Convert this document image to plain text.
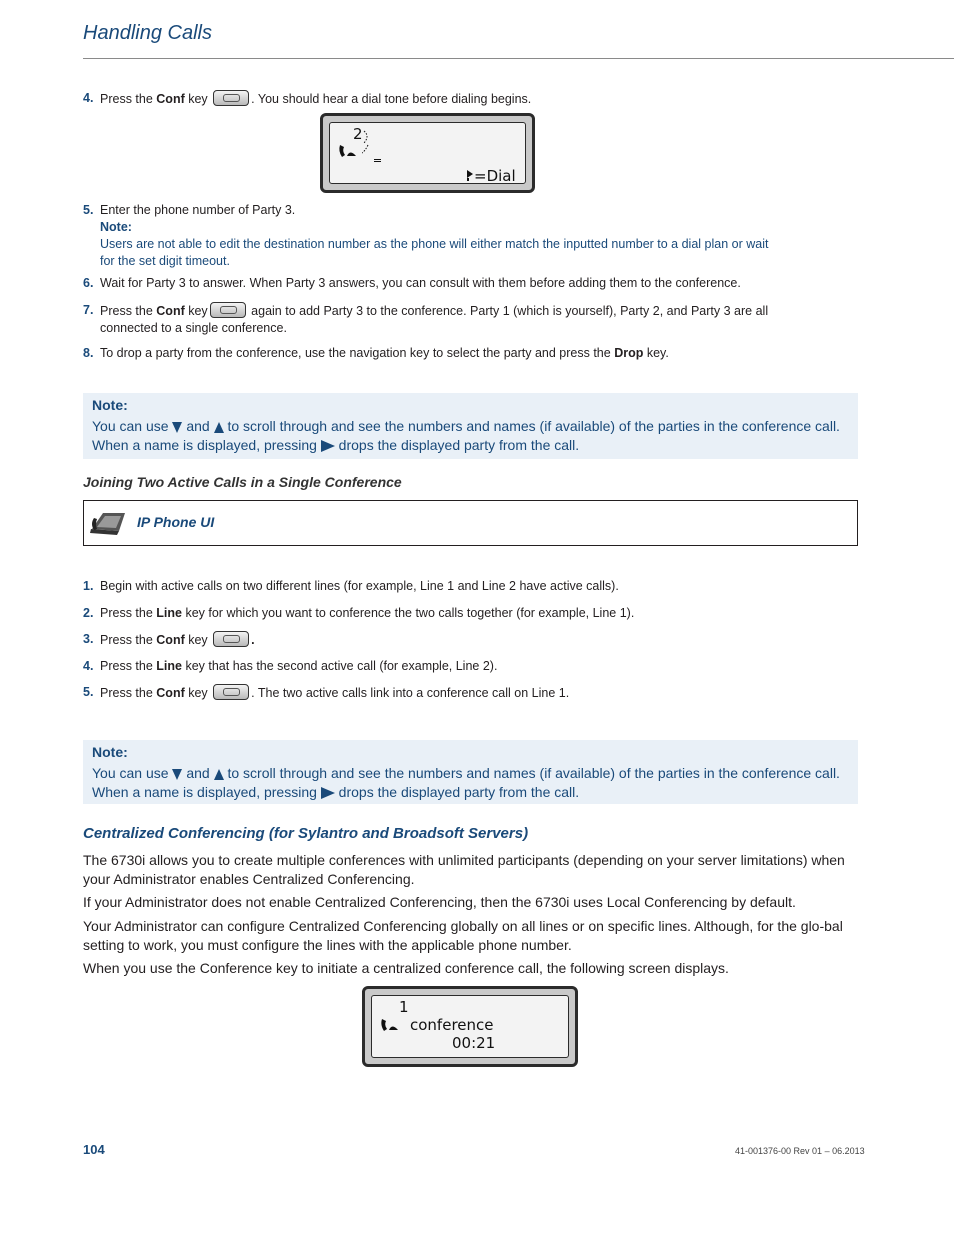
Handling Calls
4. Press the Conf key	. You should hear a dial tone before dialing begins.
2
=Dial
5. Enter the phone number of Party 3.
Note:
Users are not able to edit the destination number as the phone will either match the inputted number to a dial plan or wait for the set digit timeout.
6. Wait for Party 3 to answer. When Party 3 answers, you can consult with them before adding them to the conference.
7. Press the Conf key	again to add Party 3 to the conference. Party 1 (which is yourself), Party 2, and Party 3 are all connected to a single conference.
8. To drop a party from the conference, use the navigation key to select the party and press the Drop key.
Note:
You can use  and  to scroll through and see the numbers and names (if available) of the parties in the conference call.
When a name is displayed, pressing  drops the displayed party from the call.
Joining Two Active Calls in a Single Conference
IP Phone UI
1. Begin with active calls on two different lines (for example, Line 1 and Line 2 have active calls).
2. Press the Line key for which you want to conference the two calls together (for example, Line 1).
3. Press the Conf key	.
4. Press the Line key that has the second active call (for example, Line 2).
5. Press the Conf key	. The two active calls link into a conference call on Line 1.
Note:
You can use  and  to scroll through and see the numbers and names (if available) of the parties in the conference call.
When a name is displayed, pressing  drops the displayed party from the call.
Centralized Conferencing (for Sylantro and Broadsoft Servers)
The 6730i allows you to create multiple conferences with unlimited participants (depending on your server limitations) when your Administrator enables Centralized Conferencing.
If your Administrator does not enable Centralized Conferencing, then the 6730i uses Local Conferencing by default.
Your Administrator can configure Centralized Conferencing globally on all lines or on specific lines. Although, for the glo-bal setting to work, you must configure the lines with the applicable phone number.
When you use the Conference key to initiate a centralized conference call, the following screen displays.
1
conference
00:21
104	41-001376-00 Rev 01 – 06.2013
